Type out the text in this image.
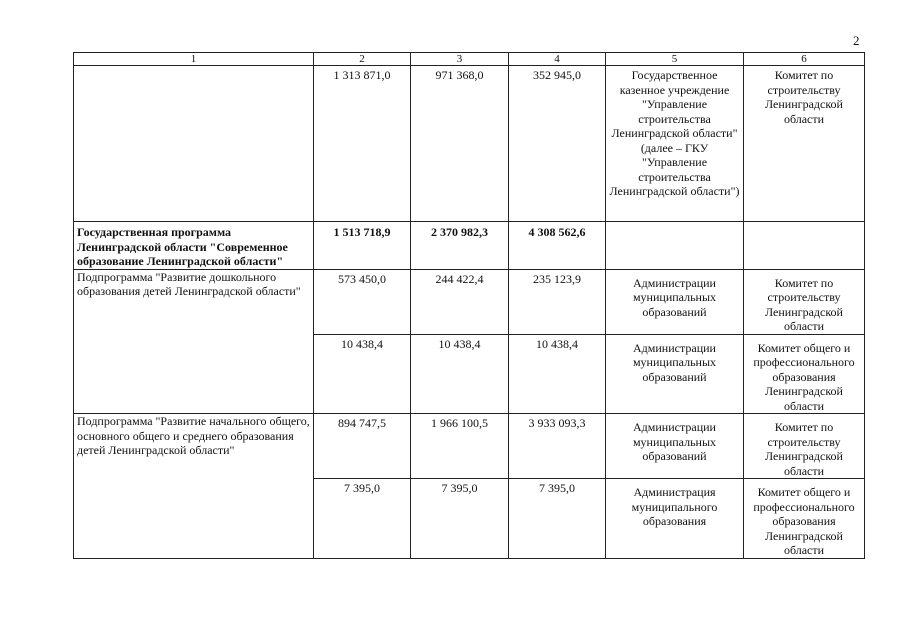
2
1	2	3	4	5	6
	1 313 871,0	971 368,0	352 945,0	Государственное казенное учреждение "Управление строительства Ленинградской области" (далее – ГКУ "Управление строительства Ленинградской области")	Комитет по строительству Ленинградской области
Государственная программа Ленинградской области "Современное образование Ленинградской области"	1 513 718,9	2 370 982,3	4 308 562,6		
Подпрограмма "Развитие дошкольного образования детей Ленинградской области"	573 450,0	244 422,4	235 123,9	Администрации муниципальных образований	Комитет по строительству Ленинградской области
	10 438,4	10 438,4	10 438,4	Администрации муниципальных образований	Комитет общего и профессионального образования Ленинградской области
Подпрограмма "Развитие начального общего, основного общего и среднего образования детей Ленинградской области"	894 747,5	1 966 100,5	3 933 093,3	Администрации муниципальных образований	Комитет по строительству Ленинградской области
	7 395,0	7 395,0	7 395,0	Администрация муниципального образования	Комитет общего и профессионального образования Ленинградской области
